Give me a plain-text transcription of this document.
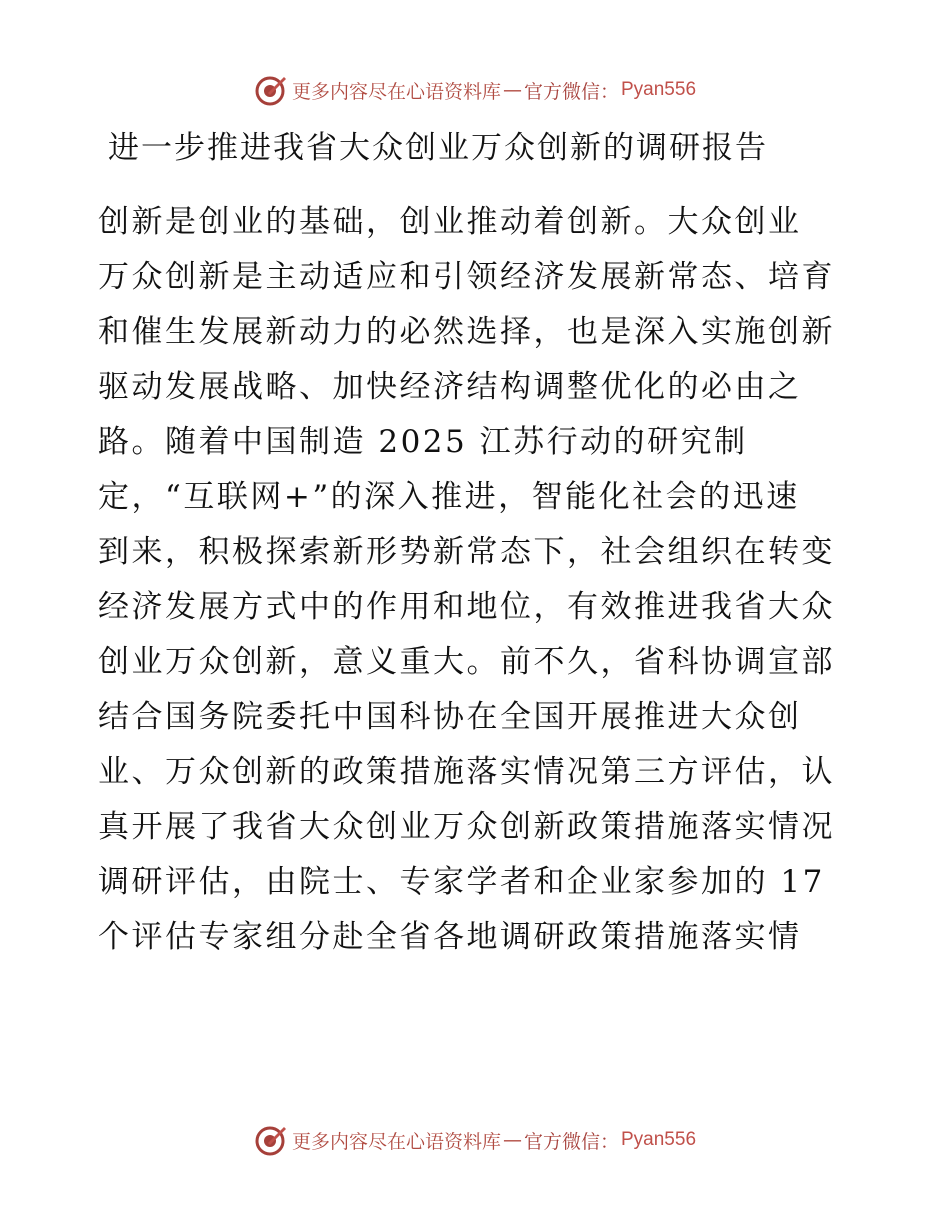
更多内容尽在心语资料库 — 官方微信： Pyan556
进一步推进我省大众创业万众创新的调研报告
创新是创业的基础，创业推动着创新。大众创业
万众创新是主动适应和引领经济发展新常态、培育
和催生发展新动力的必然选择，也是深入实施创新
驱动发展战略、加快经济结构调整优化的必由之
路。随着中国制造 2025 江苏行动的研究制
定，“互联网+”的深入推进，智能化社会的迅速
到来，积极探索新形势新常态下，社会组织在转变
经济发展方式中的作用和地位，有效推进我省大众
创业万众创新，意义重大。前不久，省科协调宣部
结合国务院委托中国科协在全国开展推进大众创
业、万众创新的政策措施落实情况第三方评估，认
真开展了我省大众创业万众创新政策措施落实情况
调研评估，由院士、专家学者和企业家参加的 17
个评估专家组分赴全省各地调研政策措施落实情
更多内容尽在心语资料库 — 官方微信： Pyan556
